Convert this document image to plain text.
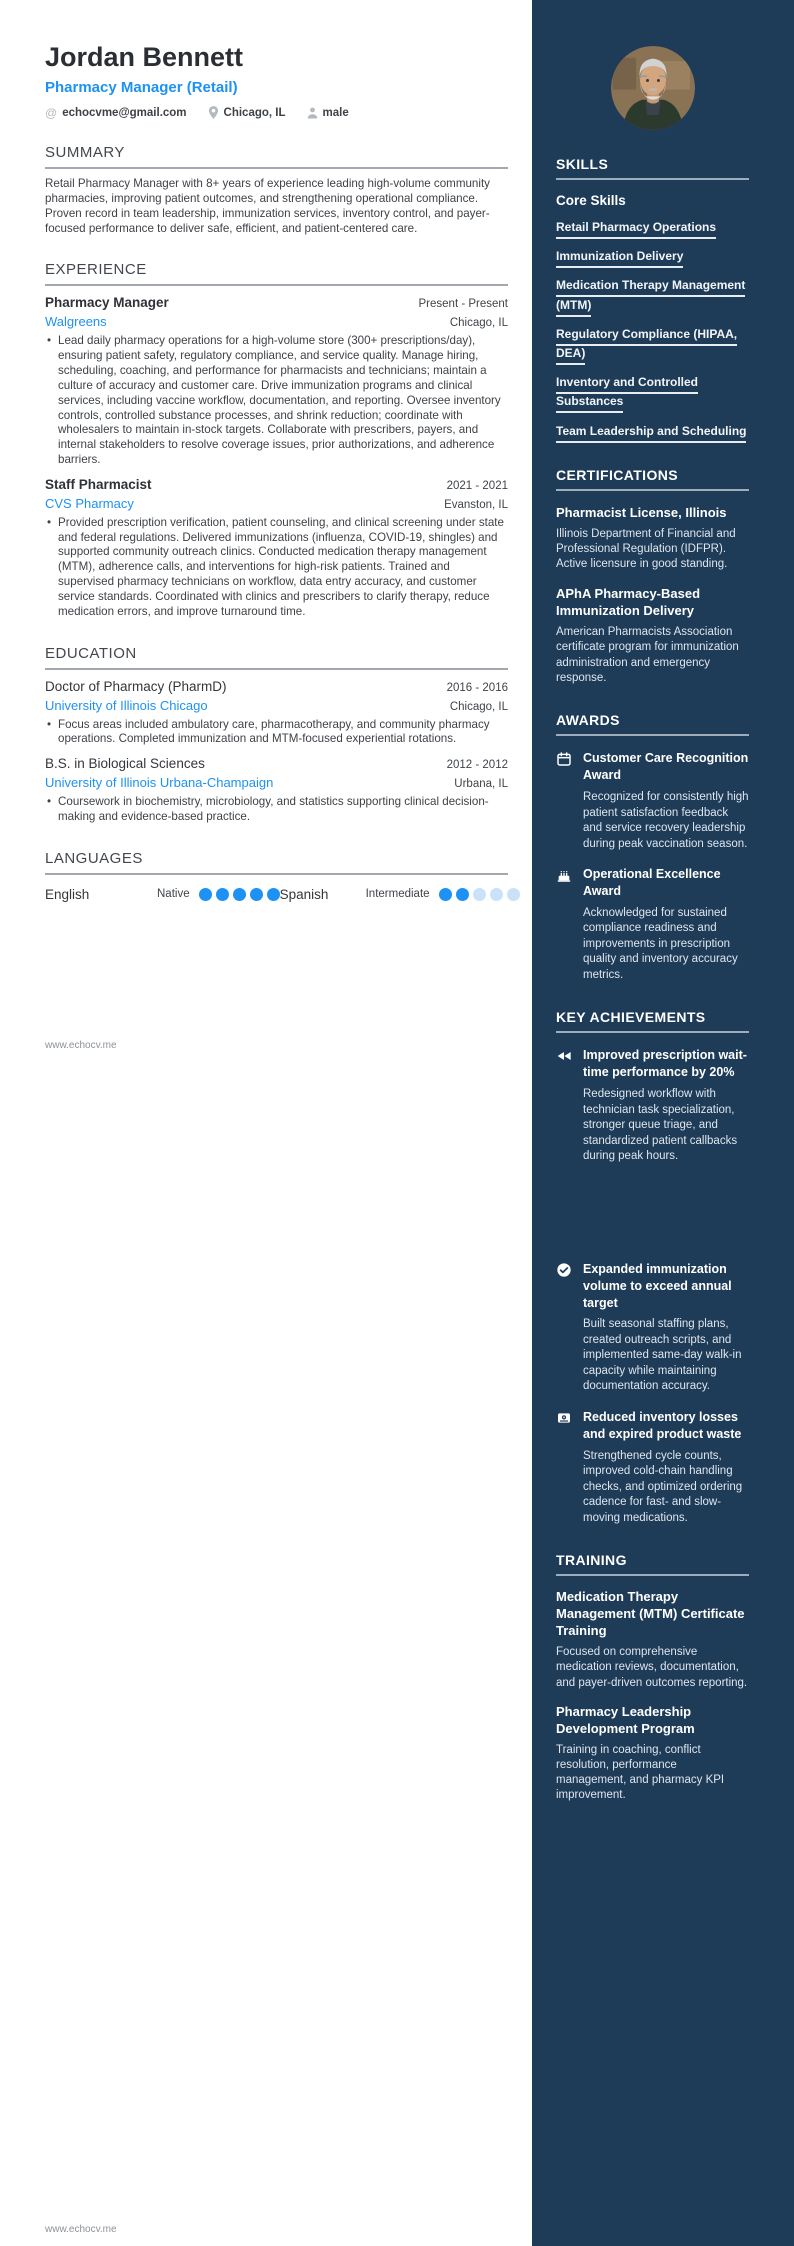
Jordan Bennett
Pharmacy Manager (Retail)
@ echocvme@gmail.com	Chicago, IL	male
SUMMARY
Retail Pharmacy Manager with 8+ years of experience leading high-volume community pharmacies, improving patient outcomes, and strengthening operational compliance. Proven record in team leadership, immunization services, inventory control, and payer-focused performance to deliver safe, efficient, and patient-centered care.
EXPERIENCE
Pharmacy Manager	Present - Present
Walgreens	Chicago, IL
• Lead daily pharmacy operations for a high-volume store (300+ prescriptions/day), ensuring patient safety, regulatory compliance, and service quality. Manage hiring, scheduling, coaching, and performance for pharmacists and technicians; maintain a culture of accuracy and customer care. Drive immunization programs and clinical services, including vaccine workflow, documentation, and reporting. Oversee inventory controls, controlled substance processes, and shrink reduction; coordinate with wholesalers to maintain in-stock targets. Collaborate with prescribers, payers, and internal stakeholders to resolve coverage issues, prior authorizations, and adherence barriers.
Staff Pharmacist	2021 - 2021
CVS Pharmacy	Evanston, IL
• Provided prescription verification, patient counseling, and clinical screening under state and federal regulations. Delivered immunizations (influenza, COVID-19, shingles) and supported community outreach clinics. Conducted medication therapy management (MTM), adherence calls, and interventions for high-risk patients. Trained and supervised pharmacy technicians on workflow, data entry accuracy, and customer service standards. Coordinated with clinics and prescribers to clarify therapy, reduce medication errors, and improve turnaround time.
EDUCATION
Doctor of Pharmacy (PharmD)	2016 - 2016
University of Illinois Chicago	Chicago, IL
• Focus areas included ambulatory care, pharmacotherapy, and community pharmacy operations. Completed immunization and MTM-focused experiential rotations.
B.S. in Biological Sciences	2012 - 2012
University of Illinois Urbana-Champaign	Urbana, IL
• Coursework in biochemistry, microbiology, and statistics supporting clinical decision-making and evidence-based practice.
LANGUAGES
English	Native	Spanish	Intermediate
SKILLS
Core Skills
Retail Pharmacy Operations
Immunization Delivery
Medication Therapy Management (MTM)
Regulatory Compliance (HIPAA, DEA)
Inventory and Controlled Substances
Team Leadership and Scheduling
CERTIFICATIONS
Pharmacist License, Illinois
Illinois Department of Financial and Professional Regulation (IDFPR). Active licensure in good standing.
APhA Pharmacy-Based Immunization Delivery
American Pharmacists Association certificate program for immunization administration and emergency response.
AWARDS
Customer Care Recognition Award
Recognized for consistently high patient satisfaction feedback and service recovery leadership during peak vaccination season.
Operational Excellence Award
Acknowledged for sustained compliance readiness and improvements in prescription quality and inventory accuracy metrics.
KEY ACHIEVEMENTS
Improved prescription wait-time performance by 20%
Redesigned workflow with technician task specialization, stronger queue triage, and standardized patient callbacks during peak hours.
Expanded immunization volume to exceed annual target
Built seasonal staffing plans, created outreach scripts, and implemented same-day walk-in capacity while maintaining documentation accuracy.
Reduced inventory losses and expired product waste
Strengthened cycle counts, improved cold-chain handling checks, and optimized ordering cadence for fast- and slow-moving medications.
TRAINING
Medication Therapy Management (MTM) Certificate Training
Focused on comprehensive medication reviews, documentation, and payer-driven outcomes reporting.
Pharmacy Leadership Development Program
Training in coaching, conflict resolution, performance management, and pharmacy KPI improvement.
www.echocv.me
www.echocv.me
